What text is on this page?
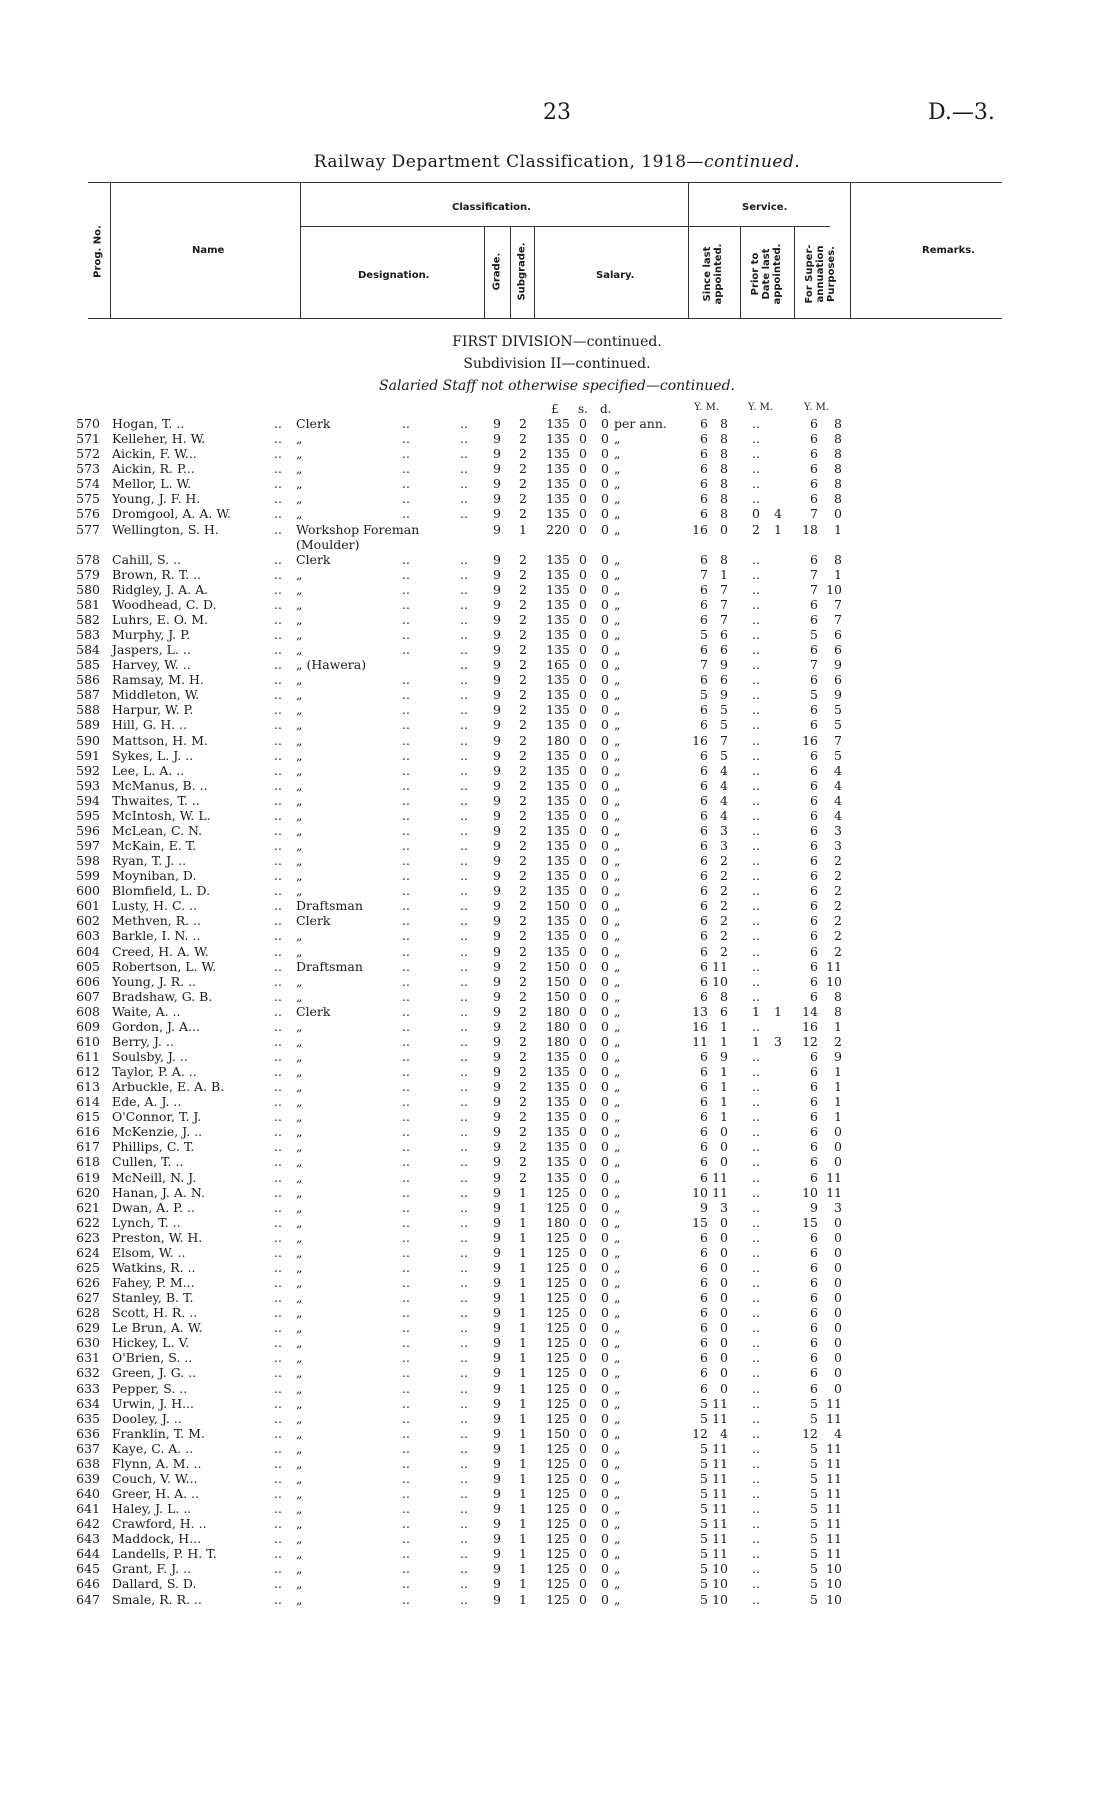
23	D.—3.
Railway Department Classification, 1918—continued.
Prog. No.	Name
Classification.
Designation.	Grade. Subgrade.	Salary.
Service.
Since last
appointed.	Prior to
Date last
appointed.	For Super-
annuation
Purposes.	Remarks.
FIRST DIVISION—continued.
Subdivision II—continued.
Salaried Staff not otherwise specified—continued.
£ s. d.	Y. M.	Y. M.	Y. M.
570 Hogan, T. ..	.. Clerk	..	.. 9 2	135 0 0 per ann.	6 8	..	6	8
571 Kelleher, H. W.	.. „	..	.. 9 2	135 0 0 „	6 8	..	6	8
572 Aickin, F. W...	.. „	..	.. 9 2	135 0 0 „	6 8	..	6	8
573 Aickin, R. P...	.. „	..	.. 9 2	135 0 0 „	6 8	..	6	8
574 Mellor, L. W.	.. „	..	.. 9 2	135 0 0 „	6 8	..	6	8
575 Young, J. F. H.	.. „	..	.. 9 2	135 0 0 „	6 8	..	6	8
576 Dromgool, A. A. W.	.. „	..	.. 9 2	135 0 0 „	6 8	0	4	7	0
577 Wellington, S. H.	.. Workshop Foreman	9 1	220 0 0 „	16 0	2	1	18	1
(Moulder)
578 Cahill, S. ..	.. Clerk	..	.. 9 2	135 0 0 „	6 8	..	6	8
579 Brown, R. T. ..	.. „	..	.. 9 2	135 0 0 „	7 1	..	7	1
580 Ridgley, J. A. A.	.. „	..	.. 9 2	135 0 0 „	6 7	..	7 10
581 Woodhead, C. D.	.. „	..	.. 9 2	135 0 0 „	6 7	..	6	7
582 Luhrs, E. O. M.	.. „	..	.. 9 2	135 0 0 „	6 7	..	6	7
583 Murphy, J. P.	.. „	..	.. 9 2	135 0 0 „	5 6	..	5	6
584 Jaspers, L. ..	.. „	..	.. 9 2	135 0 0 „	6 6	..	6	6
585 Harvey, W. ..	.. „ (Hawera)	.. 9 2	165 0 0 „	7 9	..	7	9
586 Ramsay, M. H.	.. „	..	.. 9 2	135 0 0 „	6 6	..	6	6
587 Middleton, W.	.. „	..	.. 9 2	135 0 0 „	5 9	..	5	9
588 Harpur, W. P.	.. „	..	.. 9 2	135 0 0 „	6 5	..	6	5
589 Hill, G. H. ..	.. „	..	.. 9 2	135 0 0 „	6 5	..	6	5
590 Mattson, H. M.	.. „	..	.. 9 2	180 0 0 „	16 7	..	16	7
591 Sykes, L. J. ..	.. „	..	.. 9 2	135 0 0 „	6 5	..	6	5
592 Lee, L. A. ..	.. „	..	.. 9 2	135 0 0 „	6 4	..	6	4
593 McManus, B. ..	.. „	..	.. 9 2	135 0 0 „	6 4	..	6	4
594 Thwaites, T. ..	.. „	..	.. 9 2	135 0 0 „	6 4	..	6	4
595 McIntosh, W. L.	.. „	..	.. 9 2	135 0 0 „	6 4	..	6	4
596 McLean, C. N.	.. „	..	.. 9 2	135 0 0 „	6 3	..	6	3
597 McKain, E. T.	.. „	..	.. 9 2	135 0 0 „	6 3	..	6	3
598 Ryan, T. J. ..	.. „	..	.. 9 2	135 0 0 „	6 2	..	6	2
599 Moyniban, D.	.. „	..	.. 9 2	135 0 0 „	6 2	..	6	2
600 Blomfield, L. D.	.. „	..	.. 9 2	135 0 0 „	6 2	..	6	2
601 Lusty, H. C. ..	.. Draftsman	..	.. 9 2	150 0 0 „	6 2	..	6	2
602 Methven, R. ..	.. Clerk	..	.. 9 2	135 0 0 „	6 2	..	6	2
603 Barkle, I. N. ..	.. „	..	.. 9 2	135 0 0 „	6 2	..	6	2
604 Creed, H. A. W.	.. „	..	.. 9 2	135 0 0 „	6 2	..	6	2
605 Robertson, L. W.	.. Draftsman	..	.. 9 2	150 0 0 „	6 11	..	6 11
606 Young, J. R. ..	.. „	..	.. 9 2	150 0 0 „	6 10	..	6 10
607 Bradshaw, G. B.	.. „	..	.. 9 2	150 0 0 „	6 8	..	6	8
608 Waite, A. ..	.. Clerk	..	.. 9 2	180 0 0 „	13 6	1	1	14	8
609 Gordon, J. A...	.. „	..	.. 9 2	180 0 0 „	16 1	..	16	1
610 Berry, J. ..	.. „	..	.. 9 2	180 0 0 „	11 1	1	3	12	2
611 Soulsby, J. ..	.. „	..	.. 9 2	135 0 0 „	6 9	..	6	9
612 Taylor, P. A. ..	.. „	..	.. 9 2	135 0 0 „	6 1	..	6	1
613 Arbuckle, E. A. B.	.. „	..	.. 9 2	135 0 0 „	6 1	..	6	1
614 Ede, A. J. ..	.. „	..	.. 9 2	135 0 0 „	6 1	..	6	1
615 O'Connor, T. J.	.. „	..	.. 9 2	135 0 0 „	6 1	..	6	1
616 McKenzie, J. ..	.. „	..	.. 9 2	135 0 0 „	6 0	..	6	0
617 Phillips, C. T.	.. „	..	.. 9 2	135 0 0 „	6 0	..	6	0
618 Cullen, T. ..	.. „	..	.. 9 2	135 0 0 „	6 0	..	6	0
619 McNeill, N. J.	.. „	..	.. 9 2	135 0 0 „	6 11	..	6 11
620 Hanan, J. A. N.	.. „	..	.. 9 1	125 0 0 „	10 11	..	10 11
621 Dwan, A. P. ..	.. „	..	.. 9 1	125 0 0 „	9 3	..	9	3
622 Lynch, T. ..	.. „	..	.. 9 1	180 0 0 „	15 0	..	15	0
623 Preston, W. H.	.. „	..	.. 9 1	125 0 0 „	6 0	..	6	0
624 Elsom, W. ..	.. „	..	.. 9 1	125 0 0 „	6 0	..	6	0
625 Watkins, R. ..	.. „	..	.. 9 1	125 0 0 „	6 0	..	6	0
626 Fahey, P. M...	.. „	..	.. 9 1	125 0 0 „	6 0	..	6	0
627 Stanley, B. T.	.. „	..	.. 9 1	125 0 0 „	6 0	..	6	0
628 Scott, H. R. ..	.. „	..	.. 9 1	125 0 0 „	6 0	..	6	0
629 Le Brun, A. W.	.. „	..	.. 9 1	125 0 0 „	6 0	..	6	0
630 Hickey, L. V.	.. „	..	.. 9 1	125 0 0 „	6 0	..	6	0
631 O'Brien, S. ..	.. „	..	.. 9 1	125 0 0 „	6 0	..	6	0
632 Green, J. G. ..	.. „	..	.. 9 1	125 0 0 „	6 0	..	6	0
633 Pepper, S. ..	.. „	..	.. 9 1	125 0 0 „	6 0	..	6	0
634 Urwin, J. H...	.. „	..	.. 9 1	125 0 0 „	5 11	..	5 11
635 Dooley, J. ..	.. „	..	.. 9 1	125 0 0 „	5 11	..	5 11
636 Franklin, T. M.	.. „	..	.. 9 1	150 0 0 „	12 4	..	12	4
637 Kaye, C. A. ..	.. „	..	.. 9 1	125 0 0 „	5 11	..	5 11
638 Flynn, A. M. ..	.. „	..	.. 9 1	125 0 0 „	5 11	..	5 11
639 Couch, V. W...	.. „	..	.. 9 1	125 0 0 „	5 11	..	5 11
640 Greer, H. A. ..	.. „	..	.. 9 1	125 0 0 „	5 11	..	5 11
641 Haley, J. L. ..	.. „	..	.. 9 1	125 0 0 „	5 11	..	5 11
642 Crawford, H. ..	.. „	..	.. 9 1	125 0 0 „	5 11	..	5 11
643 Maddock, H...	.. „	..	.. 9 1	125 0 0 „	5 11	..	5 11
644 Landells, P. H. T.	.. „	..	.. 9 1	125 0 0 „	5 11	..	5 11
645 Grant, F. J. ..	.. „	..	.. 9 1	125 0 0 „	5 10	..	5 10
646 Dallard, S. D.	.. „	..	.. 9 1	125 0 0 „	5 10	..	5 10
647 Smale, R. R. ..	.. „	..	.. 9 1	125 0 0 „	5 10	..	5 10
